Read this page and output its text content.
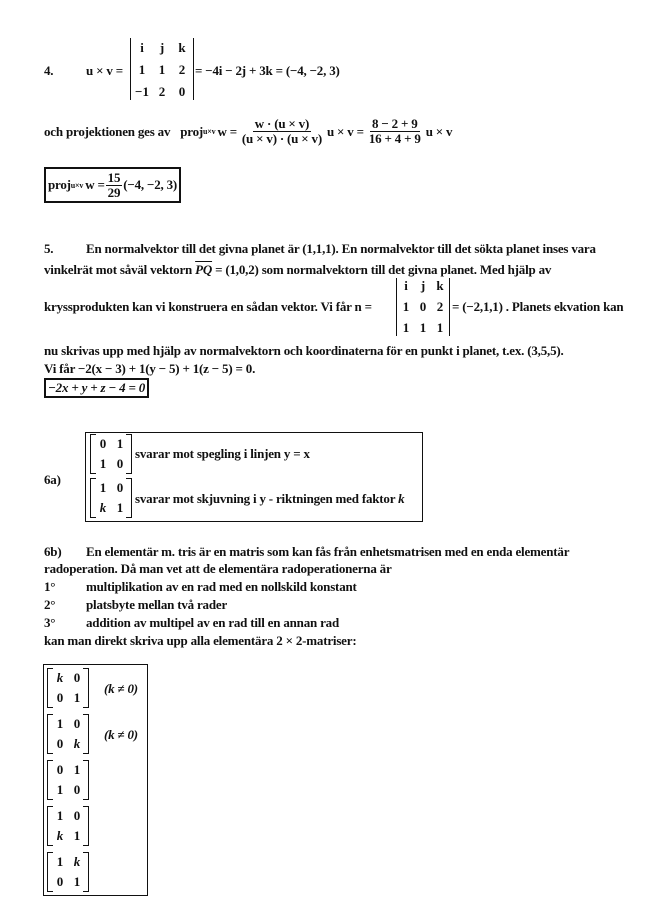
4.	u × v =
i	j	k
1 1 2
−1 2 0
= −4i − 2j + 3k = (−4, −2, 3)
och projektionen ges av proj u×v $w = \frac{w \cdot (u \times v)}{(u \times v) \cdot (u \times v)}$ $u \times v = \frac{8 - 2 + 9}{16 + 4 + 9}$ u × v
proj u×v $w = \frac{15}{29} (-4$, −2, 3)
5.	En normalvektor till det givna planet är (1,1,1). En normalvektor till det sökta planet inses vara
vinkelrät mot såväl vektorn $\overline{PQ} = (1,0,2)$ som normalvektorn till det givna planet. Med hjälp av
kryssprodukten kan vi konstruera en sådan vektor. Vi får n =
i	j k
1 0 2
1 1 1
= (−2,1,1) . Planets ekvation kan
nu skrivas upp med hjälp av normalvektorn och koordinaterna för en punkt i planet, t.ex. (3,5,5).
Vi får −2(x − 3) + 1(y − 5) + 1(z − 5) = 0.
−2x + y + z − 4 = 0
6a)
0 1
1 0
svarar mot spegling i linjen y = x
1 0
k 1
svarar mot skjuvning i y - riktningen med faktor k
6b) En elementär m. tris är en matris som kan fås från enhetsmatrisen med en enda elementär
radoperation. Då man vet att de elementära radoperationerna är
1° multiplikation av en rad med en nollskild konstant
2° platsbyte mellan två rader
3° addition av multipel av en rad till en annan rad
kan man direkt skriva upp alla elementära 2 × 2-matriser:
k 0
0 1
(k ≠ 0)
1 0
0 k
(k ≠ 0)
0 1
1 0
1 0
k 1
1 k
0 1
